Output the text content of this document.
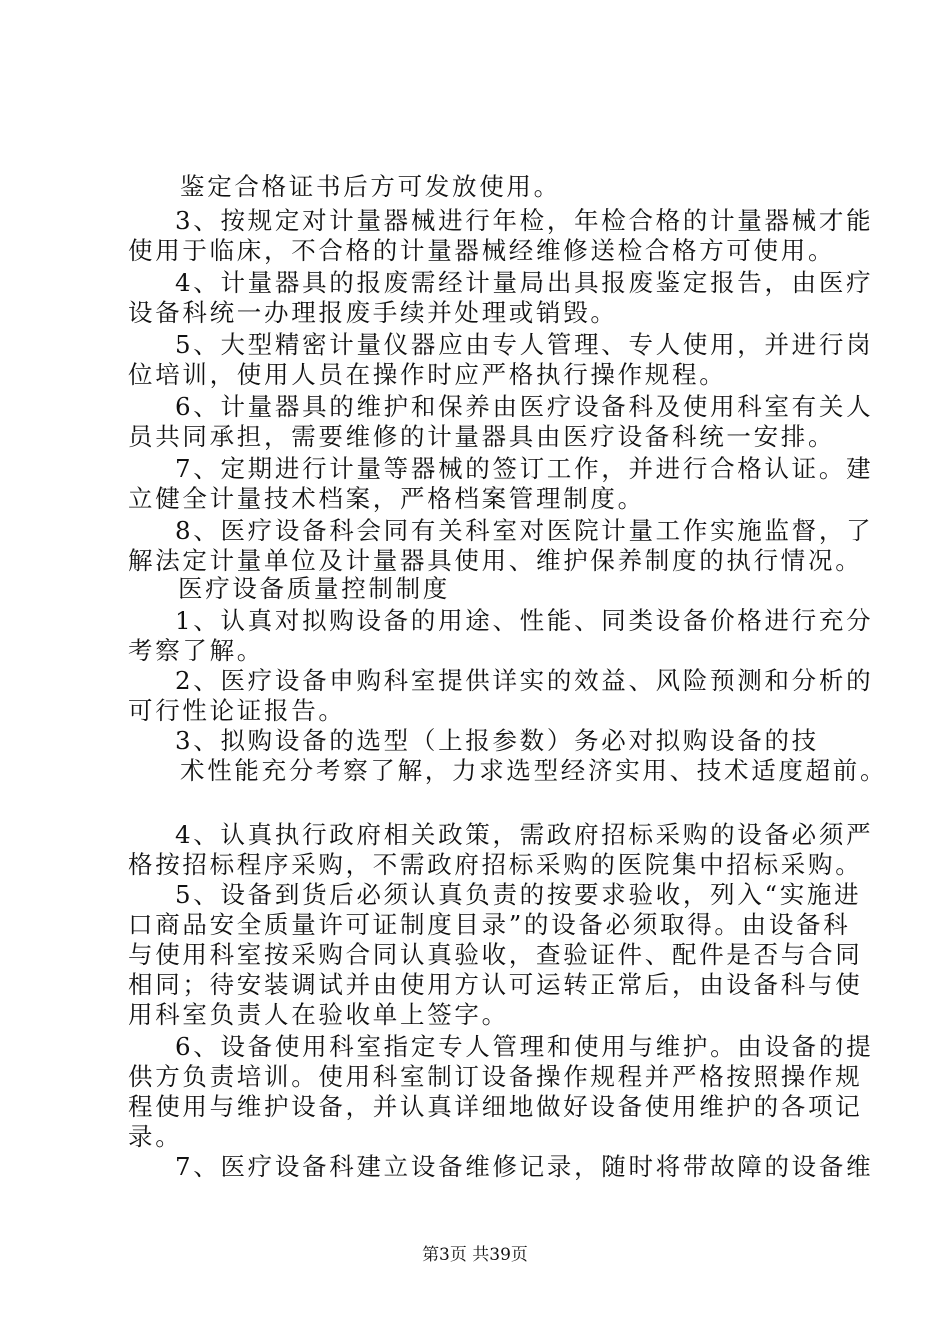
鉴定合格证书后方可发放使用。
3、按规定对计量器械进行年检，年检合格的计量器械才能
使用于临床，不合格的计量器械经维修送检合格方可使用。
4、计量器具的报废需经计量局出具报废鉴定报告，由医疗
设备科统一办理报废手续并处理或销毁。
5、大型精密计量仪器应由专人管理、专人使用，并进行岗
位培训，使用人员在操作时应严格执行操作规程。
6、计量器具的维护和保养由医疗设备科及使用科室有关人
员共同承担，需要维修的计量器具由医疗设备科统一安排。
7、定期进行计量等器械的签订工作，并进行合格认证。建
立健全计量技术档案，严格档案管理制度。
8、医疗设备科会同有关科室对医院计量工作实施监督，了
解法定计量单位及计量器具使用、维护保养制度的执行情况。
医疗设备质量控制制度
1、认真对拟购设备的用途、性能、同类设备价格进行充分
考察了解。
2、医疗设备申购科室提供详实的效益、风险预测和分析的
可行性论证报告。
3、拟购设备的选型（上报参数）务必对拟购设备的技
术性能充分考察了解，力求选型经济实用、技术适度超前。
4、认真执行政府相关政策，需政府招标采购的设备必须严
格按招标程序采购，不需政府招标采购的医院集中招标采购。
5、设备到货后必须认真负责的按要求验收，列入“实施进
口商品安全质量许可证制度目录”的设备必须取得。由设备科
与使用科室按采购合同认真验收，查验证件、配件是否与合同
相同；待安装调试并由使用方认可运转正常后，由设备科与使
用科室负责人在验收单上签字。
6、设备使用科室指定专人管理和使用与维护。由设备的提
供方负责培训。使用科室制订设备操作规程并严格按照操作规
程使用与维护设备，并认真详细地做好设备使用维护的各项记
录。
7、医疗设备科建立设备维修记录，随时将带故障的设备维
第3页 共39页
